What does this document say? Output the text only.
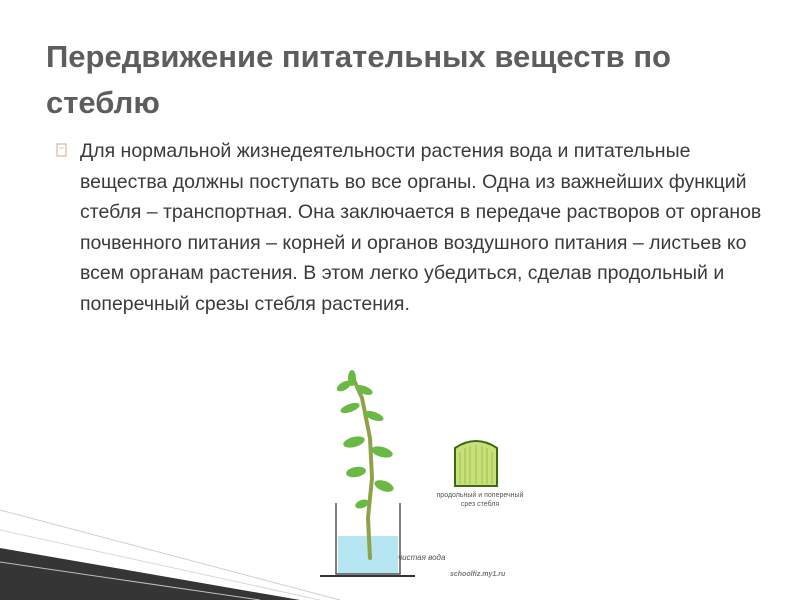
Передвижение питательных веществ по стеблю

Для нормальной жизнедеятельности растения вода и питательные вещества должны поступать во все органы. Одна из важнейших функций стебля – транспортная. Она заключается в передаче растворов от органов почвенного питания – корней и органов воздушного питания – листьев ко всем органам растения. В этом легко убедиться, сделав продольный и поперечный срезы стебля растения.

продольный и поперечный срез стебля
чистая вода
schoolfiz.my1.ru
